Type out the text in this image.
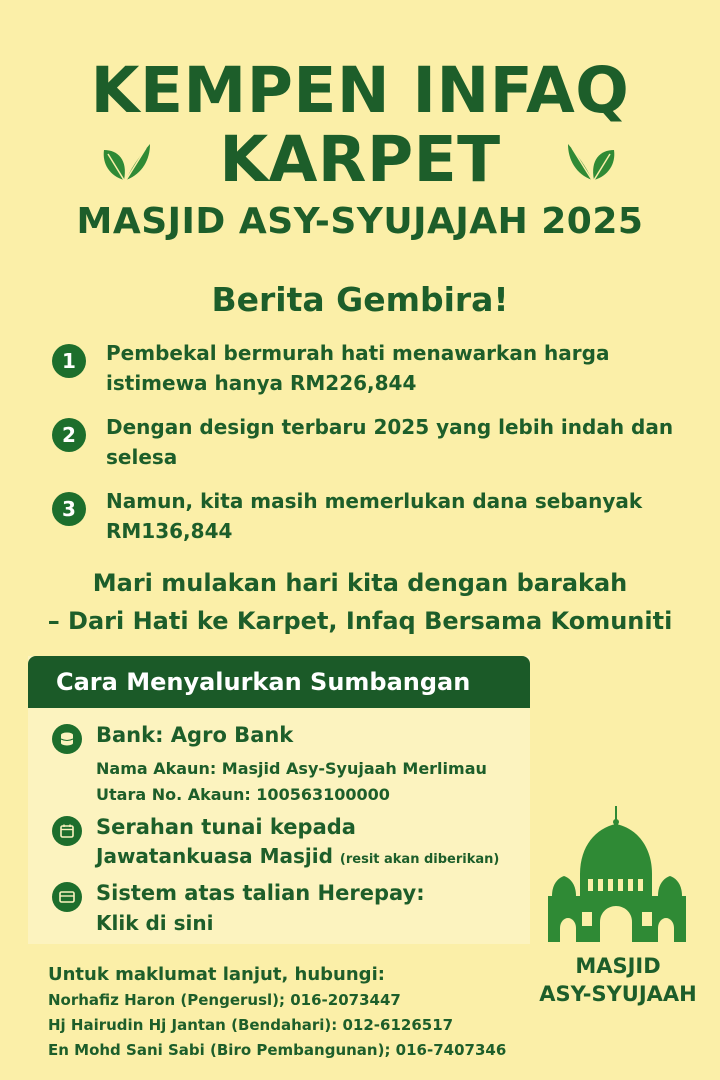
KEMPEN INFAQ
KARPET
MASJID ASY-SYUJAJAH 2025
Berita Gembira!
1	Pembekal bermurah hati menawarkan harga istimewa hanya RM226,844
2	Dengan design terbaru 2025 yang lebih indah dan selesa
3	Namun, kita masih memerlukan dana sebanyak RM136,844
Mari mulakan hari kita dengan barakah
– Dari Hati ke Karpet, Infaq Bersama Komuniti
Cara Menyalurkan Sumbangan
Bank: Agro Bank
Nama Akaun: Masjid Asy-Syujaah Merlimau
Utara No. Akaun: 100563100000
Serahan tunai kepada
Jawatankuasa Masjid (resit akan diberikan)
Sistem atas talian Herepay:
Klik di sini
Untuk maklumat lanjut, hubungi:
Norhafiz Haron (Pengerusl); 016-2073447
Hj Hairudin Hj Jantan (Bendahari): 012-6126517
En Mohd Sani Sabi (Biro Pembangunan); 016-7407346
MASJID
ASY-SYUJAAH
